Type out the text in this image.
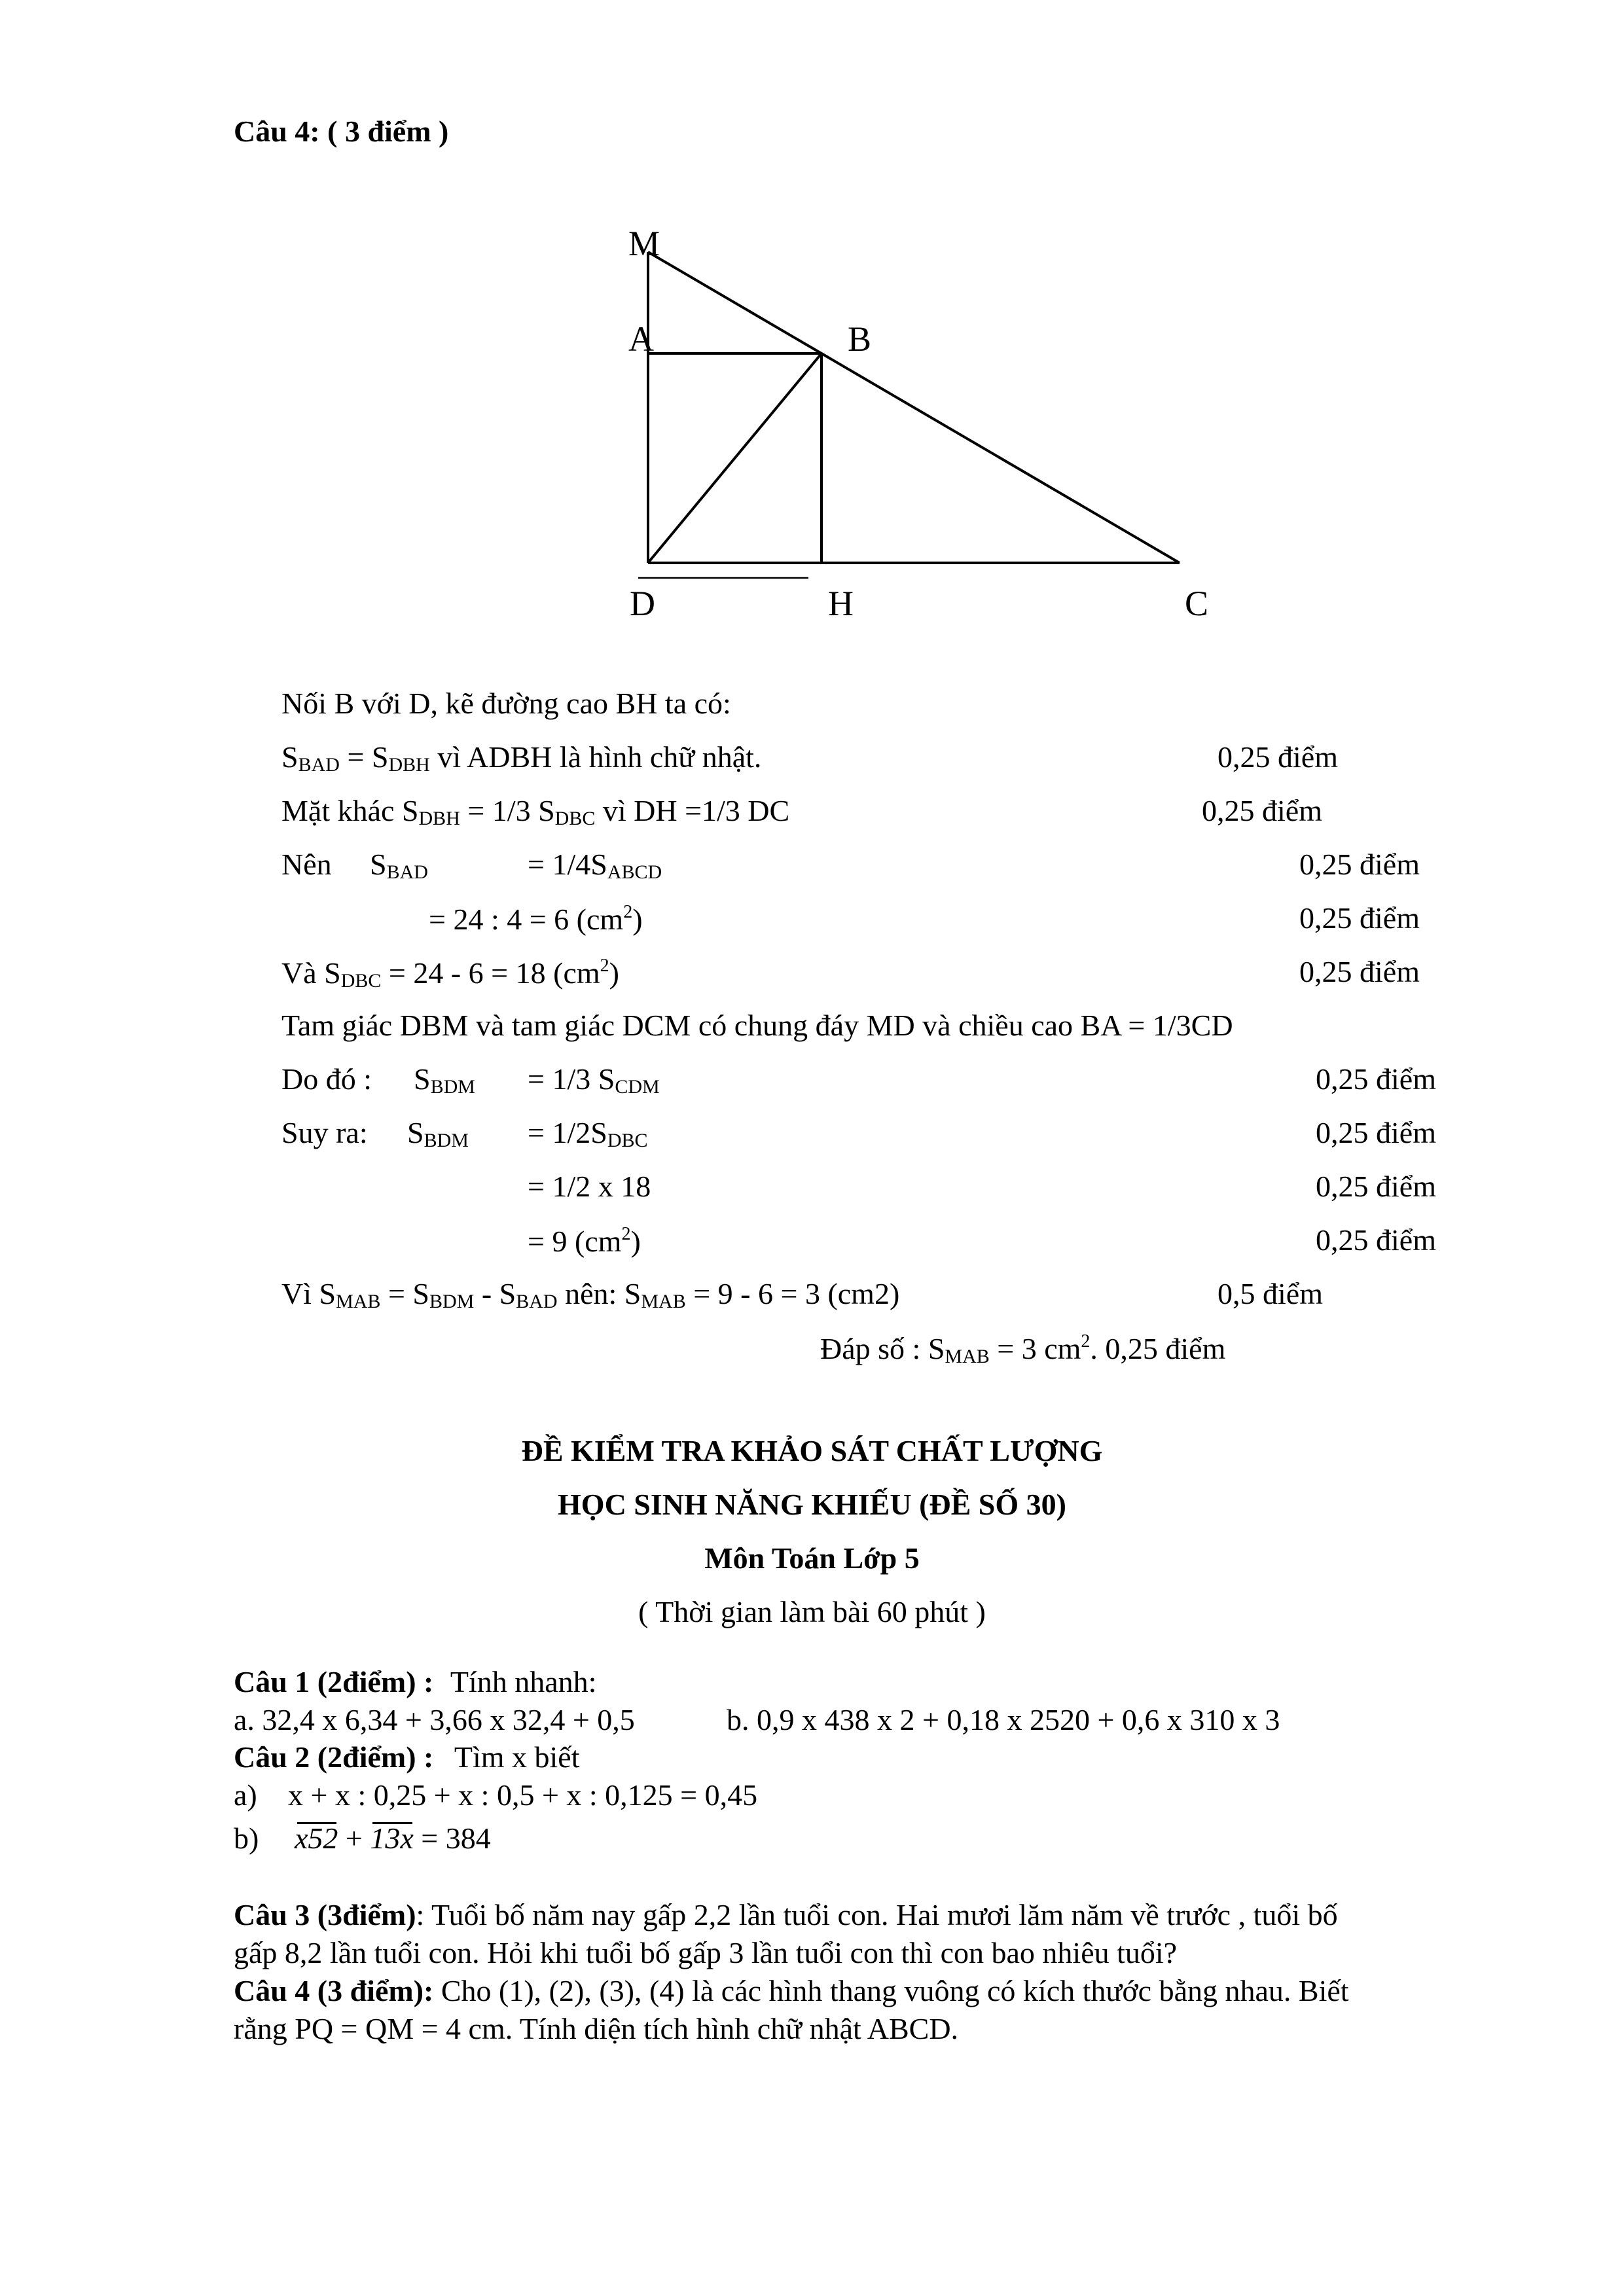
Câu 4: ( 3 điểm )
M
A	B
D	H	C
Nối B với D, kẽ đường cao BH ta có:
$S_{BAD} = S_{DBH}$ vì ADBH là hình chữ nhật.	0,25 điểm
Mặt khác $S_{DBH} = 1/3$ $S_{DBC}$ vì DH =1/3 DC	0,25 điểm
Nên $S_{BAD}$	= $1/4S_{ABCD}$	0,25 điểm
= 24 : 4 = 6 $(cm^2)$	0,25 điểm
Và $S_{DBC} = 24 - 6 = 18$ $(cm^2)$	0,25 điểm
Tam giác DBM và tam giác DCM có chung đáy MD và chiều cao BA = 1/3CD
Do đó : $S_{BDM} = 1/3$ $S_{CDM}$	0,25 điểm
Suy ra: $S_{BDM} = 1/2S_{DBC}$	0,25 điểm
= 1/2 x 18	0,25 điểm
= 9 $(cm^2)$	0,25 điểm
Vì $S_{MAB} = S_{BDM} - S_{BAD}$ nên: $S_{MAB} = 9 - 6 = 3$ (cm2)	0,5 điểm
Đáp số : $S_{MAB} = 3$ $cm^2$. 0,25 điểm
ĐỀ KIỂM TRA KHẢO SÁT CHẤT LƯỢNG
HỌC SINH NĂNG KHIẾU (ĐỀ SỐ 30)
Môn Toán Lớp 5
( Thời gian làm bài 60 phút )
Câu 1 (2điểm) : Tính nhanh:
a. 32,4 x 6,34 + 3,66 x 32,4 + 0,5	b. 0,9 x 438 x 2 + 0,18 x 2520 + 0,6 x 310 x 3
Câu 2 (2điểm) : Tìm x biết
a) x + x : 0,25 + x : 0,5 + x : 0,125 = 0,45
b) x52 + 13x = 384
Câu 3 (3điểm): Tuổi bố năm nay gấp 2,2 lần tuổi con. Hai mươi lăm năm về trước , tuổi bố
gấp 8,2 lần tuổi con. Hỏi khi tuổi bố gấp 3 lần tuổi con thì con bao nhiêu tuổi?
Câu 4 (3 điểm): Cho (1), (2), (3), (4) là các hình thang vuông có kích thước bằng nhau. Biết
rằng PQ = QM = 4 cm. Tính diện tích hình chữ nhật ABCD.
